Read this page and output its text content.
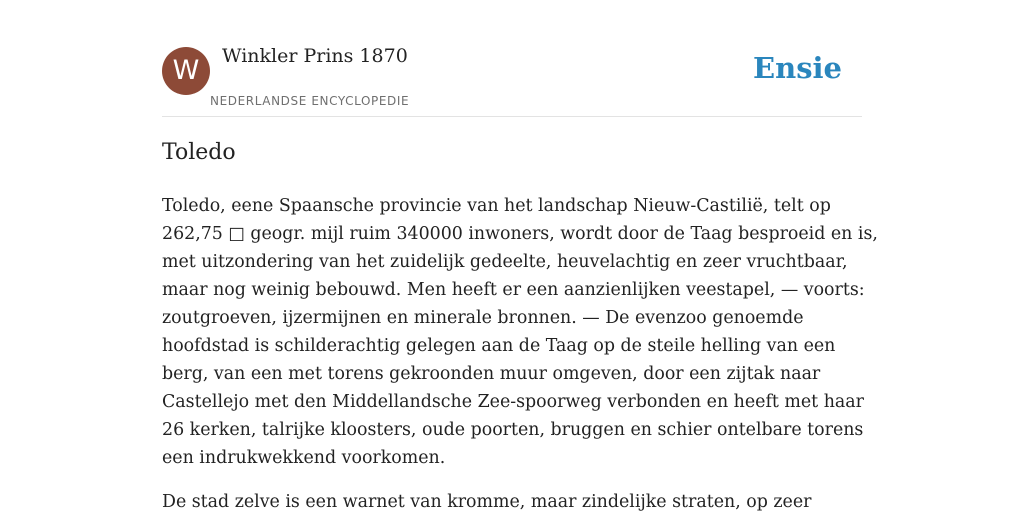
W	Winkler Prins 1870
NEDERLANDSE ENCYCLOPEDIE
Ensie
Toledo

Toledo, eene Spaansche provincie van het landschap Nieuw-Castilië, telt op
262,75 □ geogr. mijl ruim 340000 inwoners, wordt door de Taag besproeid en is,
met uitzondering van het zuidelijk gedeelte, heuvelachtig en zeer vruchtbaar,
maar nog weinig bebouwd. Men heeft er een aanzienlijken veestapel, — voorts:
zoutgroeven, ijzermijnen en minerale bronnen. — De evenzoo genoemde
hoofdstad is schilderachtig gelegen aan de Taag op de steile helling van een
berg, van een met torens gekroonden muur omgeven, door een zijtak naar
Castellejo met den Middellandsche Zee-spoorweg verbonden en heeft met haar
26 kerken, talrijke kloosters, oude poorten, bruggen en schier ontelbare torens
een indrukwekkend voorkomen.

De stad zelve is een warnet van kromme, maar zindelijke straten, op zeer
